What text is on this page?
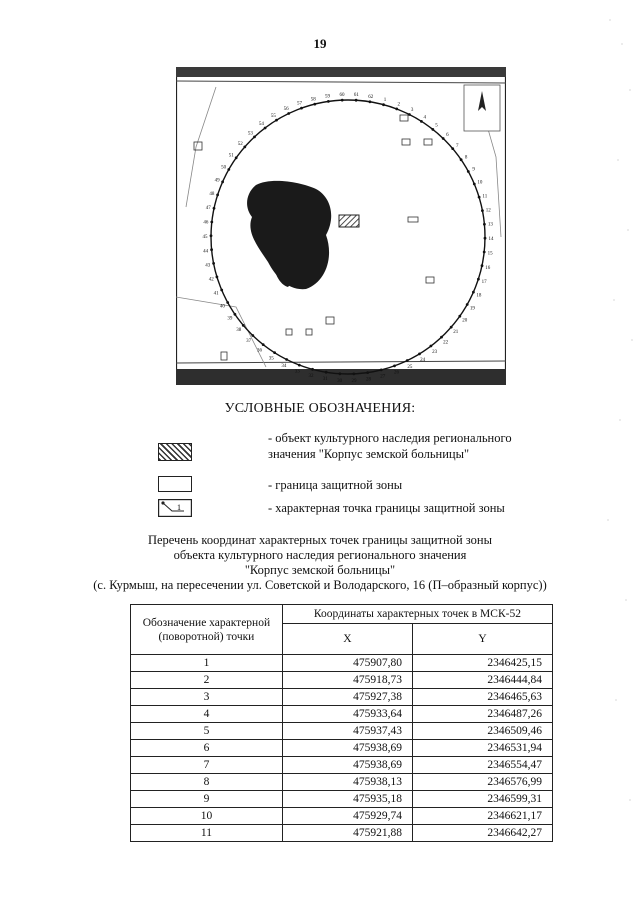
19
1
2
3
4
5
6
7
8
9
10
11
12
13
14
15
16
17
18
19
20
21
22
23
24
25
26
27
28
29
30
31
32
33
34
35
36
37
38
39
40
41
42
43
44
45
46
47
48
49
50
51
52
53
54
55
56
57
58
59 60 61 62
УСЛОВНЫЕ ОБОЗНАЧЕНИЯ:
- объект культурного наследия регионального
значения "Корпус земской больницы"
- граница защитной зоны
1	- характерная точка границы защитной зоны
Перечень координат характерных точек границы защитной зоны
объекта культурного наследия регионального значения
"Корпус земской больницы"
(с. Курмыш, на пересечении ул. Советской и Володарского, 16 (П–образный корпус))
Обозначение характерной (поворотной) точки	Координаты характерных точек в МСК-52	
	X	Y
1	475907,80	2346425,15
2	475918,73	2346444,84
3	475927,38	2346465,63
4	475933,64	2346487,26
5	475937,43	2346509,46
6	475938,69	2346531,94
7	475938,69	2346554,47
8	475938,13	2346576,99
9	475935,18	2346599,31
10	475929,74	2346621,17
11	475921,88	2346642,27
